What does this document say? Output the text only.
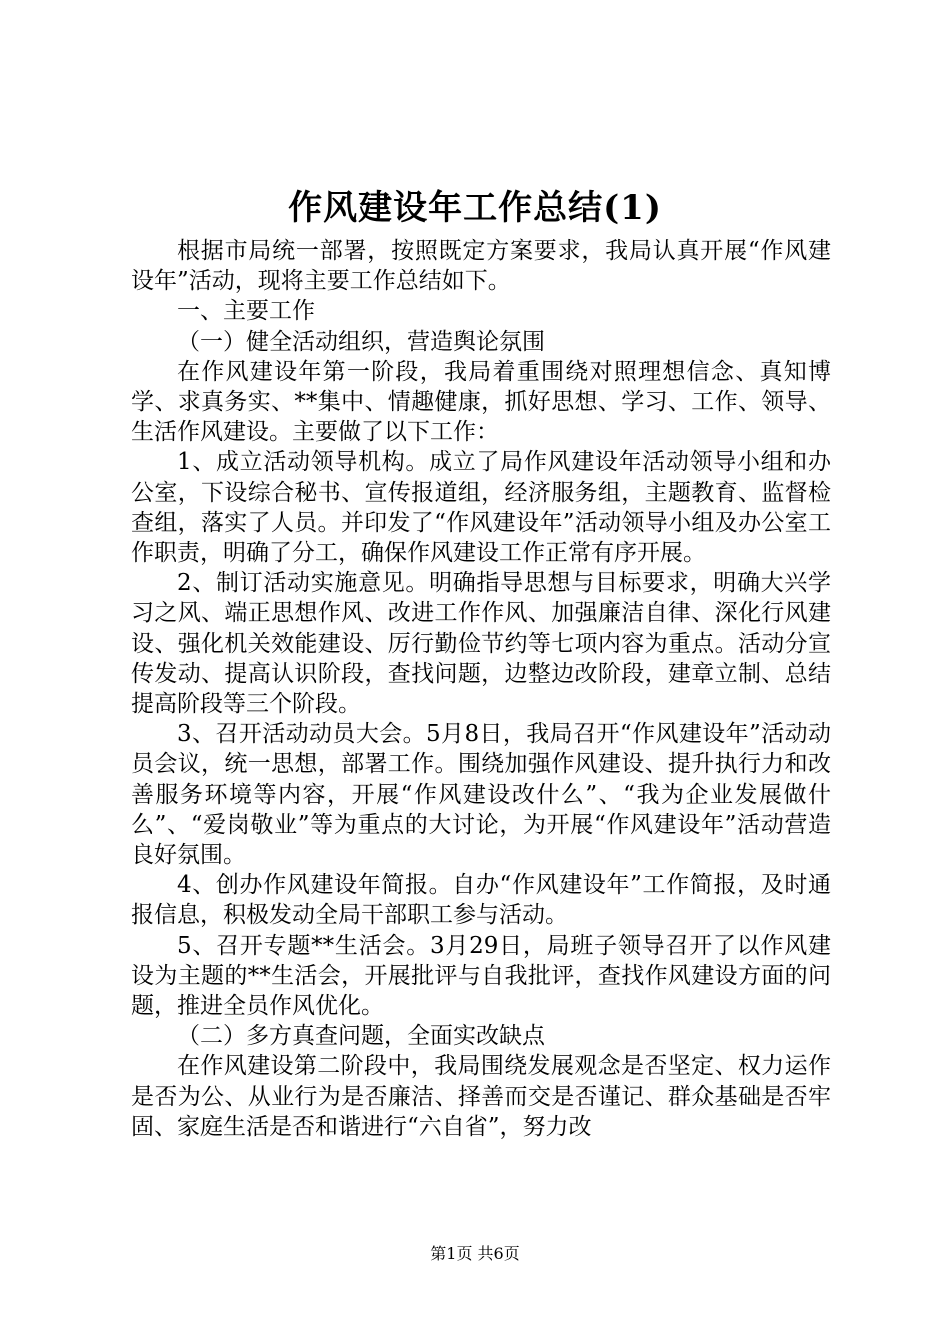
作风建设年工作总结(1)

根据市局统一部署，按照既定方案要求，我局认真开展“作风建设年”活动，现将主要工作总结如下。

一、主要工作

（一）健全活动组织，营造舆论氛围

在作风建设年第一阶段，我局着重围绕对照理想信念、真知博学、求真务实、**集中、情趣健康，抓好思想、学习、工作、领导、生活作风建设。主要做了以下工作：

1、成立活动领导机构。成立了局作风建设年活动领导小组和办公室，下设综合秘书、宣传报道组，经济服务组，主题教育、监督检查组，落实了人员。并印发了“作风建设年”活动领导小组及办公室工作职责，明确了分工，确保作风建设工作正常有序开展。

2、制订活动实施意见。明确指导思想与目标要求，明确大兴学习之风、端正思想作风、改进工作作风、加强廉洁自律、深化行风建设、强化机关效能建设、厉行勤俭节约等七项内容为重点。活动分宣传发动、提高认识阶段，查找问题，边整边改阶段，建章立制、总结提高阶段等三个阶段。

3、召开活动动员大会。5月8日，我局召开“作风建设年”活动动员会议，统一思想，部署工作。围绕加强作风建设、提升执行力和改善服务环境等内容，开展“作风建设改什么”、“我为企业发展做什么”、“爱岗敬业”等为重点的大讨论，为开展“作风建设年”活动营造良好氛围。

4、创办作风建设年简报。自办“作风建设年”工作简报，及时通报信息，积极发动全局干部职工参与活动。

5、召开专题**生活会。3月29日，局班子领导召开了以作风建设为主题的**生活会，开展批评与自我批评，查找作风建设方面的问题，推进全员作风优化。

（二）多方真查问题，全面实改缺点

在作风建设第二阶段中，我局围绕发展观念是否坚定、权力运作是否为公、从业行为是否廉洁、择善而交是否谨记、群众基础是否牢固、家庭生活是否和谐进行“六自省”，努力改

第1页 共6页
